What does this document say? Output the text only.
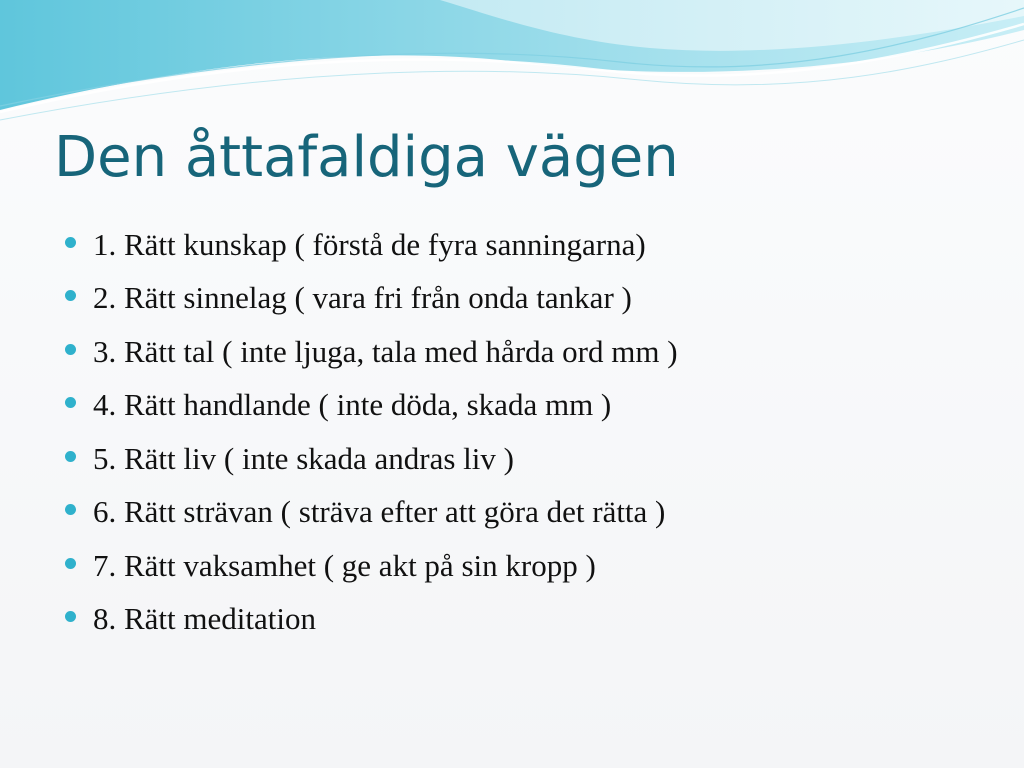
Den åttafaldiga vägen
1. Rätt kunskap ( förstå de fyra sanningarna)
2. Rätt sinnelag ( vara fri från onda tankar )
3. Rätt tal ( inte ljuga, tala med hårda ord mm )
4. Rätt handlande ( inte döda, skada mm )
5. Rätt liv ( inte skada andras liv )
6. Rätt strävan ( sträva efter att göra det rätta )
7. Rätt vaksamhet ( ge akt på sin kropp )
8. Rätt meditation
